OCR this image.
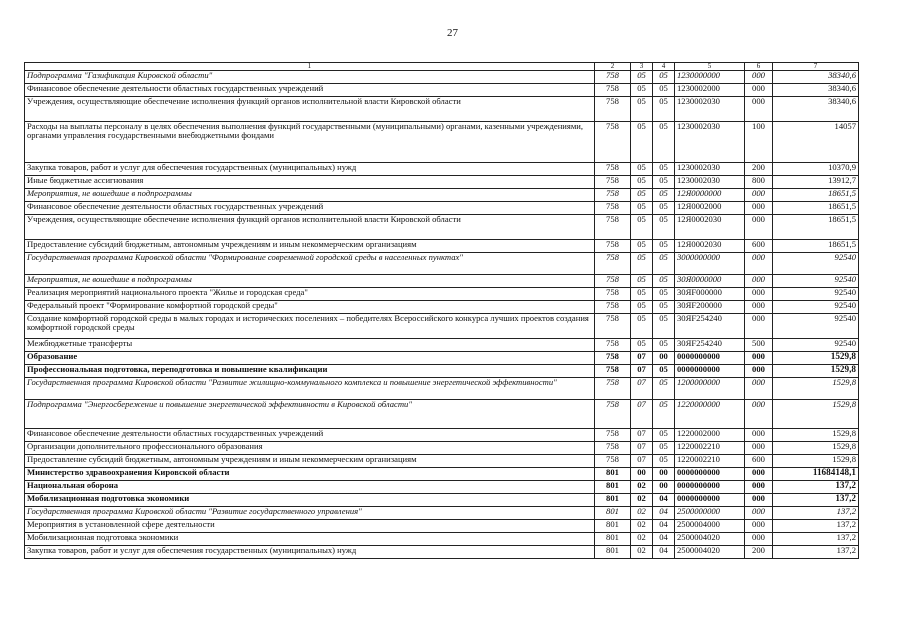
27
1	2	3	4	5	6	7
Подпрограмма "Газификация Кировской области"	758	05	05	1230000000	000	38340,6
Финансовое обеспечение деятельности областных государственных учреждений	758	05	05	1230002000	000	38340,6
Учреждения, осуществляющие обеспечение исполнения функций органов исполнительной власти Кировской области	758	05	05	1230002030	000	38340,6
Расходы на выплаты персоналу в целях обеспечения выполнения функций государственными (муниципальными) органами, казенными учреждениями, органами управления государственными внебюджетными фондами	758	05	05	1230002030	100	14057
Закупка товаров, работ и услуг для обеспечения государственных (муниципальных) нужд	758	05	05	1230002030	200	10370,9
Иные бюджетные ассигнования	758	05	05	1230002030	800	13912,7
Мероприятия, не вошедшие в подпрограммы	758	05	05	12Я0000000	000	18651,5
Финансовое обеспечение деятельности областных государственных учреждений	758	05	05	12Я0002000	000	18651,5
Учреждения, осуществляющие обеспечение исполнения функций органов исполнительной власти Кировской области	758	05	05	12Я0002030	000	18651,5
Предоставление субсидий бюджетным, автономным учреждениям и иным некоммерческим организациям	758	05	05	12Я0002030	600	18651,5
Государственная программа Кировской области "Формирование современной городской среды в населенных пунктах"	758	05	05	3000000000	000	92540
Мероприятия, не вошедшие в подпрограммы	758	05	05	30Я0000000	000	92540
Реализация мероприятий национального проекта "Жилье и городская среда"	758	05	05	30ЯF000000	000	92540
Федеральный проект "Формирование комфортной городской среды"	758	05	05	30ЯF200000	000	92540
Создание комфортной городской среды в малых городах и исторических поселениях – победителях Всероссийского конкурса лучших проектов создания комфортной городской среды	758	05	05	30ЯF254240	000	92540
Межбюджетные трансферты	758	05	05	30ЯF254240	500	92540
Образование	758	07	00	0000000000	000	1529,8
Профессиональная подготовка, переподготовка и повышение квалификации	758	07	05	0000000000	000	1529,8
Государственная программа Кировской области "Развитие жилищно-коммунального комплекса и повышение энергетической эффективности"	758	07	05	1200000000	000	1529,8
Подпрограмма "Энергосбережение и повышение энергетической эффективности в Кировской области"	758	07	05	1220000000	000	1529,8
Финансовое обеспечение деятельности областных государственных учреждений	758	07	05	1220002000	000	1529,8
Организации дополнительного профессионального образования	758	07	05	1220002210	000	1529,8
Предоставление субсидий бюджетным, автономным учреждениям и иным некоммерческим организациям	758	07	05	1220002210	600	1529,8
Министерство здравоохранения Кировской области	801	00	00	0000000000	000	11684148,1
Национальная оборона	801	02	00	0000000000	000	137,2
Мобилизационная подготовка экономики	801	02	04	0000000000	000	137,2
Государственная программа Кировской области "Развитие государственного управления"	801	02	04	2500000000	000	137,2
Мероприятия в установленной сфере деятельности	801	02	04	2500004000	000	137,2
Мобилизационная подготовка экономики	801	02	04	2500004020	000	137,2
Закупка товаров, работ и услуг для обеспечения государственных (муниципальных) нужд	801	02	04	2500004020	200	137,2
